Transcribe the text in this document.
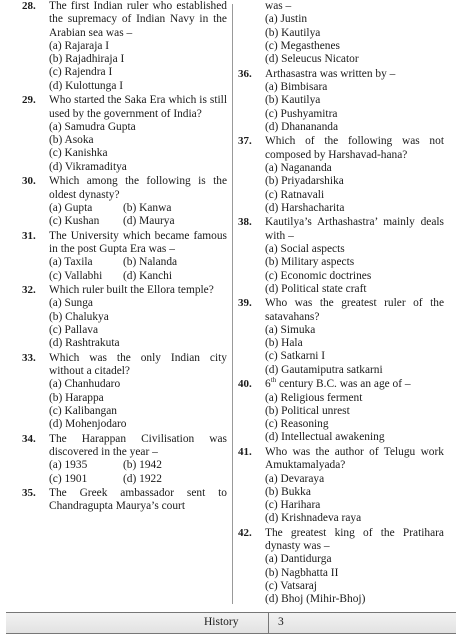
28. The first Indian ruler who established the supremacy of Indian Navy in the Arabian sea was –
(a) Rajaraja I
(b) Rajadhiraja I
(c) Rajendra I
(d) Kulottunga I
29. Who started the Saka Era which is still used by the government of India?
(a) Samudra Gupta
(b) Asoka
(c) Kanishka
(d) Vikramaditya
30. Which among the following is the oldest dynasty?
(a) Gupta	(b) Kanwa
(c) Kushan	(d) Maurya
31. The University which became famous in the post Gupta Era was –
(a) Taxila	(b) Nalanda
(c) Vallabhi	(d) Kanchi
32. Which ruler built the Ellora temple?
(a) Sunga
(b) Chalukya
(c) Pallava
(d) Rashtrakuta
33. Which was the only Indian city without a citadel?
(a) Chanhudaro
(b) Harappa
(c) Kalibangan
(d) Mohenjodaro
34. The Harappan Civilisation was discovered in the year –
(a) 1935	(b) 1942
(c) 1901	(d) 1922
35. The Greek ambassador sent to Chandragupta Maurya’s court
was –
(a) Justin
(b) Kautilya
(c) Megasthenes
(d) Seleucus Nicator
36. Arthasastra was written by –
(a) Bimbisara
(b) Kautilya
(c) Pushyamitra
(d) Dhanananda
37. Which of the following was not composed by Harshavad-hana?
(a) Nagananda
(b) Priyadarshika
(c) Ratnavali
(d) Harshacharita
38. Kautilya’s Arthashastra’ mainly deals with –
(a) Social aspects
(b) Military aspects
(c) Economic doctrines
(d) Political state craft
39. Who was the greatest ruler of the satavahans?
(a) Simuka
(b) Hala
(c) Satkarni I
(d) Gautamiputra satkarni
40. 6th century B.C. was an age of –
(a) Religious ferment
(b) Political unrest
(c) Reasoning
(d) Intellectual awakening
41. Who was the author of Telugu work Amuktamalyada?
(a) Devaraya
(b) Bukka
(c) Harihara
(d) Krishnadeva raya
42. The greatest king of the Pratihara dynasty was –
(a) Dantidurga
(b) Nagbhatta II
(c) Vatsaraj
(d) Bhoj (Mihir-Bhoj)
History	3
